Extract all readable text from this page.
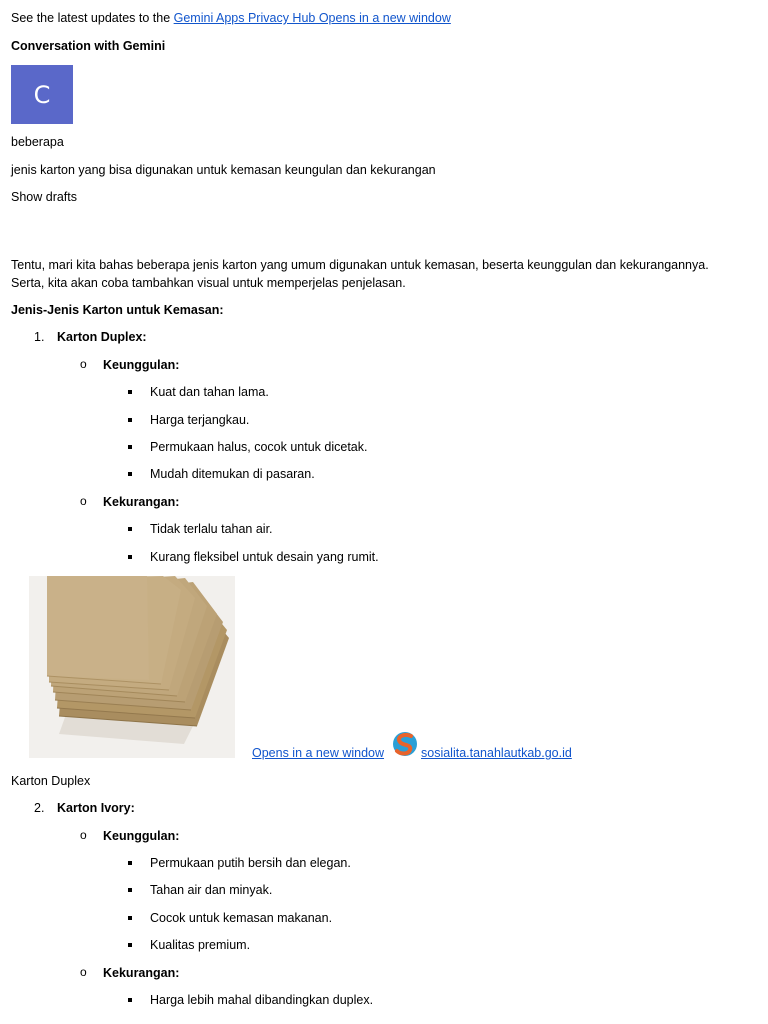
See the latest updates to the Gemini Apps Privacy Hub Opens in a new window
Conversation with Gemini
C
beberapa
jenis karton yang bisa digunakan untuk kemasan keungulan dan kekurangan
Show drafts
Tentu, mari kita bahas beberapa jenis karton yang umum digunakan untuk kemasan, beserta keunggulan dan kekurangannya.
Serta, kita akan coba tambahkan visual untuk memperjelas penjelasan.
Jenis-Jenis Karton untuk Kemasan:
1. Karton Duplex:
o Keunggulan:
Kuat dan tahan lama.
Harga terjangkau.
Permukaan halus, cocok untuk dicetak.
Mudah ditemukan di pasaran.
o Kekurangan:
Tidak terlalu tahan air.
Kurang fleksibel untuk desain yang rumit.
Opens in a new window	sosialita.tanahlautkab.go.id
Karton Duplex
2. Karton Ivory:
o Keunggulan:
Permukaan putih bersih dan elegan.
Tahan air dan minyak.
Cocok untuk kemasan makanan.
Kualitas premium.
o Kekurangan:
Harga lebih mahal dibandingkan duplex.
